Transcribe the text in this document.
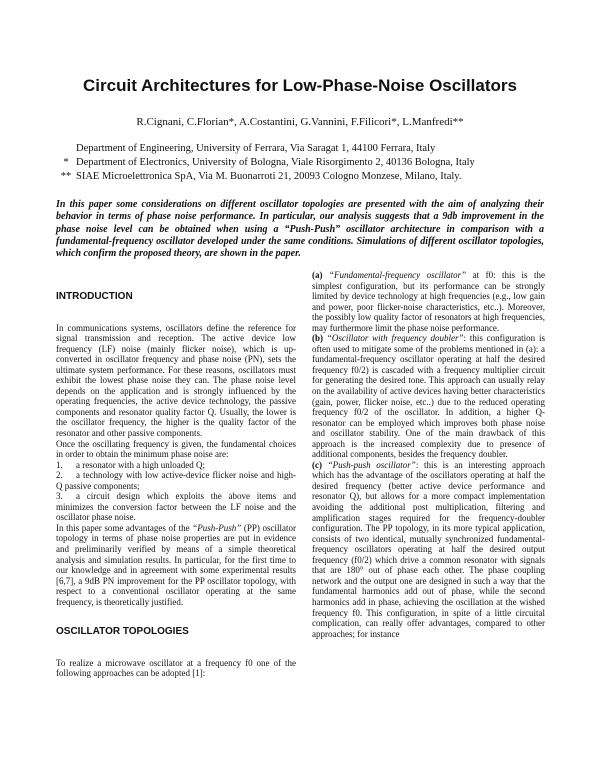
Circuit Architectures for Low-Phase-Noise Oscillators
R.Cignani, C.Florian*, A.Costantini, G.Vannini, F.Filicori*, L.Manfredi**
Department of Engineering, University of Ferrara, Via Saragat 1, 44100 Ferrara, Italy
* Department of Electronics, University of Bologna, Viale Risorgimento 2, 40136 Bologna, Italy
** SIAE Microelettronica SpA, Via M. Buonarroti 21, 20093 Cologno Monzese, Milano, Italy.
In this paper some considerations on different oscillator topologies are presented with the aim of analyzing their behavior in terms of phase noise performance. In particular, our analysis suggests that a 9db improvement in the phase noise level can be obtained when using a “Push-Push” oscillator architecture in comparison with a fundamental-frequency oscillator developed under the same conditions. Simulations of different oscillator topologies, which confirm the proposed theory, are shown in the paper.
INTRODUCTION

In communications systems, oscillators define the reference for signal transmission and reception. The active device low frequency (LF) noise (mainly flicker noise), which is up-converted in oscillator frequency and phase noise (PN), sets the ultimate system performance. For these reasons, oscillators must exhibit the lowest phase noise they can. The phase noise level depends on the application and is strongly influenced by the operating frequencies, the active device technology, the passive components and resonator quality factor Q. Usually, the lower is the oscillator frequency, the higher is the quality factor of the resonator and other passive components.

Once the oscillating frequency is given, the fundamental choices in order to obtain the minimum phase noise are:

1. a resonator with a high unloaded Q;

2. a technology with low active-device flicker noise and high-Q passive components;

3. a circuit design which exploits the above items and minimizes the conversion factor between the LF noise and the oscillator phase noise.

In this paper some advantages of the “Push-Push” (PP) oscillator topology in terms of phase noise properties are put in evidence and preliminarily verified by means of a simple theoretical analysis and simulation results. In particular, for the first time to our knowledge and in agreement with some experimental results [6,7], a 9dB PN improvement for the PP oscillator topology, with respect to a conventional oscillator operating at the same frequency, is theoretically justified.

OSCILLATOR TOPOLOGIES

To realize a microwave oscillator at a frequency f0 one of the following approaches can be adopted [1]:

(a) “Fundamental-frequency oscillator” at f0: this is the simplest configuration, but its performance can be strongly limited by device technology at high frequencies (e.g., low gain and power, poor flicker-noise characteristics, etc..). Moreover, the possibly low quality factor of resonators at high frequencies, may furthermore limit the phase noise performance.

(b) “Oscillator with frequency doubler”: this configuration is often used to mitigate some of the problems mentioned in (a): a fundamental-frequency oscillator operating at half the desired frequency f0/2) is cascaded with a frequency multiplier circuit for generating the desired tone. This approach can usually relay on the availability of active devices having better characteristics (gain, power, flicker noise, etc..) due to the reduced operating frequency f0/2 of the oscillator. In addition, a higher Q-resonator can be employed which improves both phase noise and oscillator stability. One of the main drawback of this approach is the increased complexity due to presence of additional components, besides the frequency doubler.

(c) “Push-push oscillator”: this is an interesting approach which has the advantage of the oscillators operating at half the desired frequency (better active device performance and resonator Q), but allows for a more compact implementation avoiding the additional post multiplication, filtering and amplification stages required for the frequency-doubler configuration. The PP topology, in its more typical application, consists of two identical, mutually synchronized fundamental-frequency oscillators operating at half the desired output frequency (f0/2) which drive a common resonator with signals that are 180° out of phase each other. The phase coupling network and the output one are designed in such a way that the fundamental harmonics add out of phase, while the second harmonics add in phase, achieving the oscillation at the wished frequency f0. This configuration, in spite of a little circuital complication, can really offer advantages, compared to other approaches; for instance
